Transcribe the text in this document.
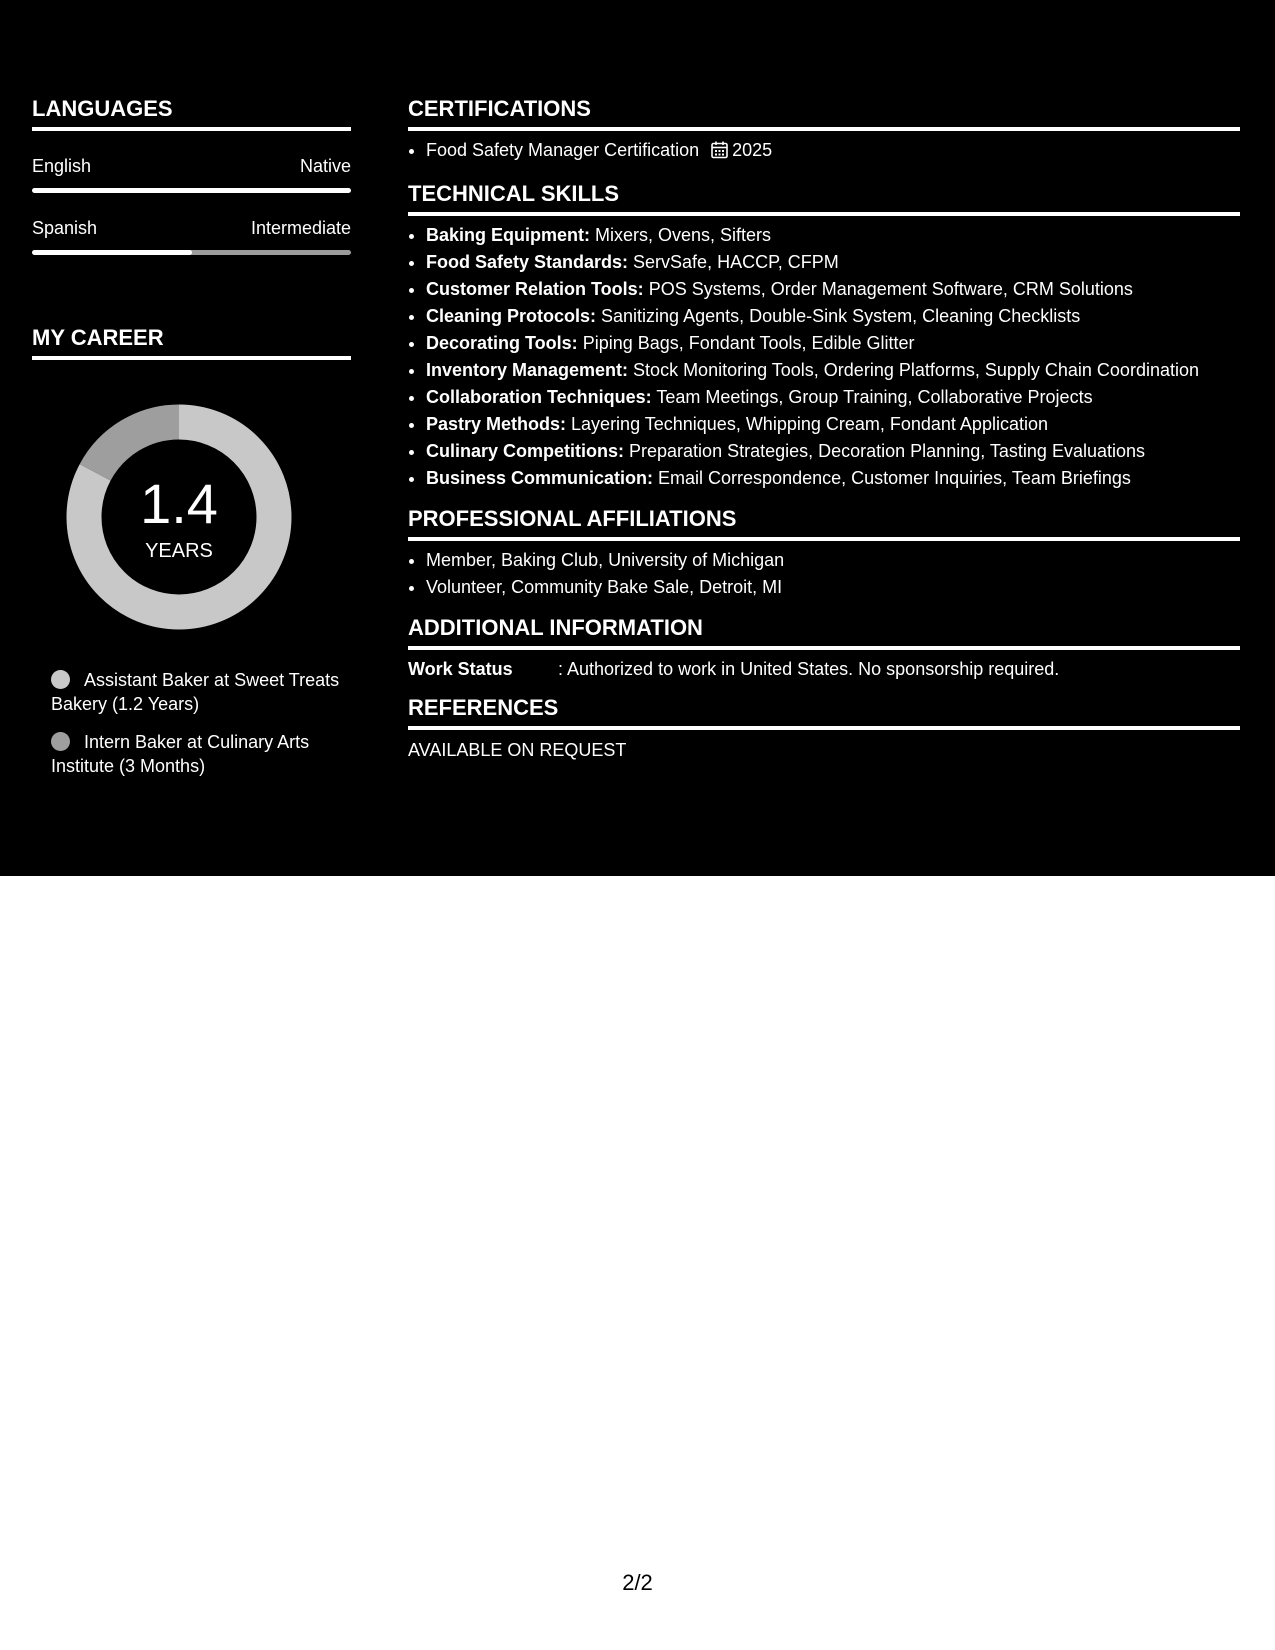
LANGUAGES
English	Native
Spanish	Intermediate
MY CAREER
1.4
YEARS
Assistant Baker at Sweet Treats Bakery (1.2 Years)
Intern Baker at Culinary Arts Institute (3 Months)
CERTIFICATIONS
• Food Safety Manager Certification 2025
TECHNICAL SKILLS
• Baking Equipment: Mixers, Ovens, Sifters
• Food Safety Standards: ServSafe, HACCP, CFPM
• Customer Relation Tools: POS Systems, Order Management Software, CRM Solutions
• Cleaning Protocols: Sanitizing Agents, Double-Sink System, Cleaning Checklists
• Decorating Tools: Piping Bags, Fondant Tools, Edible Glitter
• Inventory Management: Stock Monitoring Tools, Ordering Platforms, Supply Chain Coordination
• Collaboration Techniques: Team Meetings, Group Training, Collaborative Projects
• Pastry Methods: Layering Techniques, Whipping Cream, Fondant Application
• Culinary Competitions: Preparation Strategies, Decoration Planning, Tasting Evaluations
• Business Communication: Email Correspondence, Customer Inquiries, Team Briefings
PROFESSIONAL AFFILIATIONS
• Member, Baking Club, University of Michigan
• Volunteer, Community Bake Sale, Detroit, MI
ADDITIONAL INFORMATION
Work Status	: Authorized to work in United States. No sponsorship required.
REFERENCES
AVAILABLE ON REQUEST
2/2
